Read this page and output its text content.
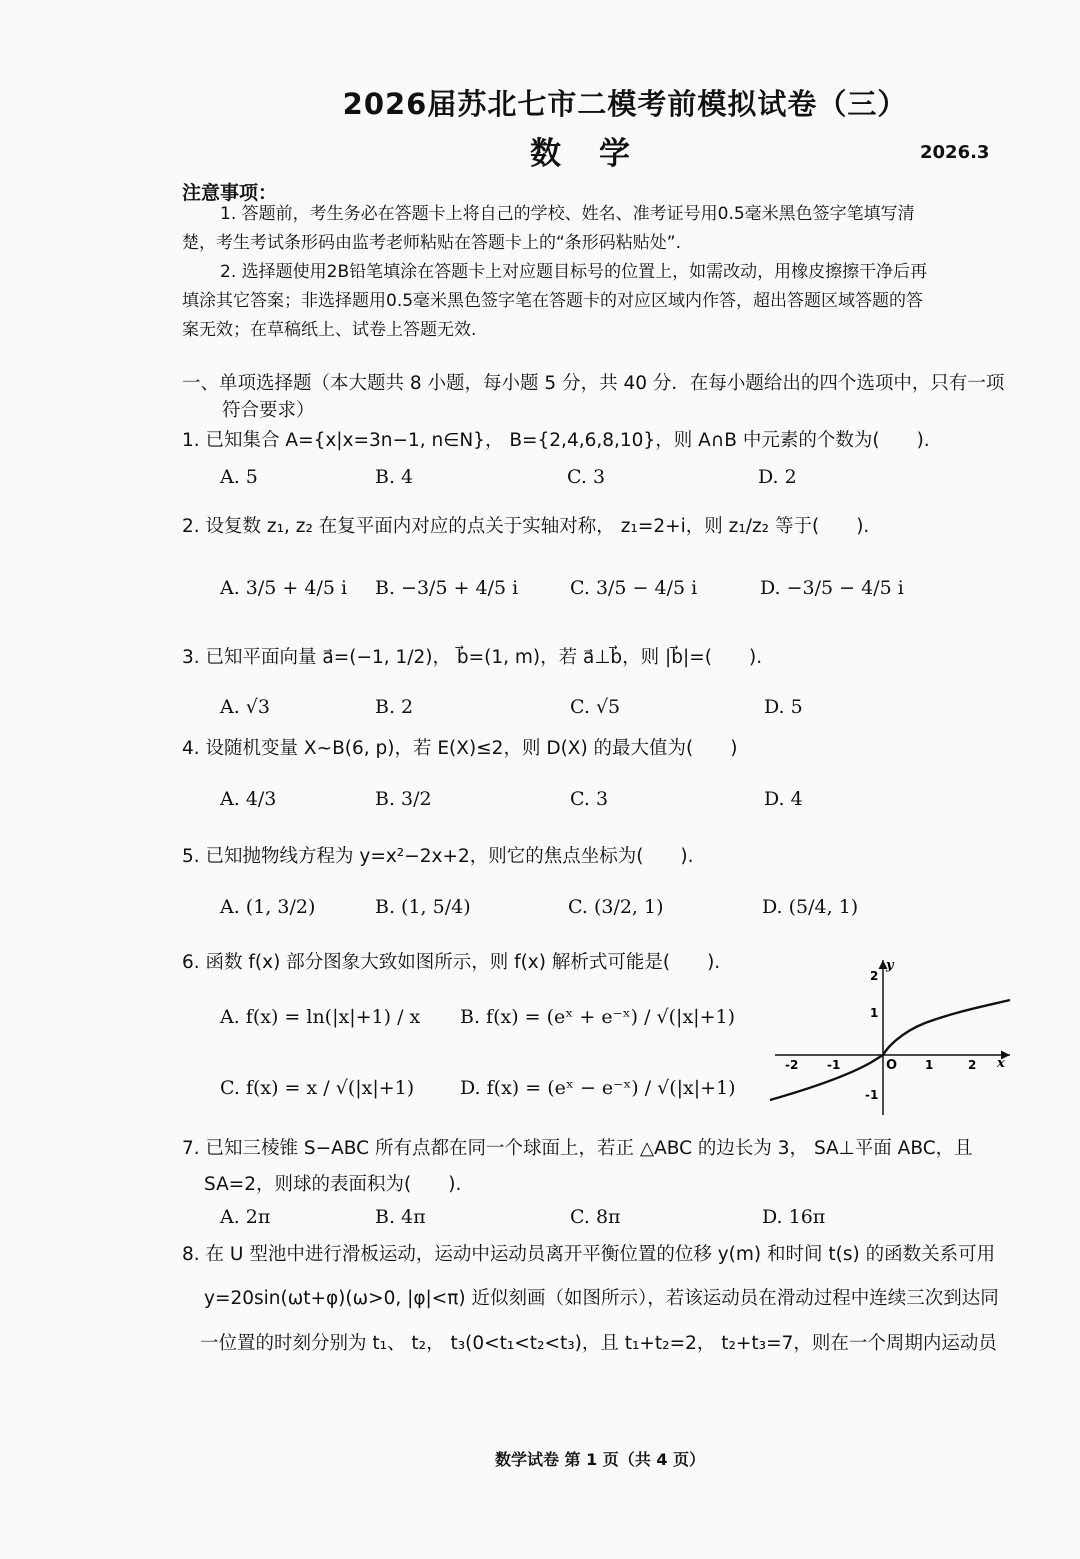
2026届苏北七市二模考前模拟试卷（三）
数学	2026.3
注意事项：
1. 答题前，考生务必在答题卡上将自己的学校、姓名、准考证号用0.5毫米黑色签字笔填写清
楚，考生考试条形码由监考老师粘贴在答题卡上的“条形码粘贴处”.
2. 选择题使用2B铅笔填涂在答题卡上对应题目标号的位置上，如需改动，用橡皮擦擦干净后再
填涂其它答案；非选择题用0.5毫米黑色签字笔在答题卡的对应区域内作答，超出答题区域答题的答
案无效；在草稿纸上、试卷上答题无效.
一、单项选择题（本大题共 8 小题，每小题 5 分，共 40 分．在每小题给出的四个选项中，只有一项
符合要求）
1. 已知集合 A={x|x=3n−1, n∈N}， B={2,4,6,8,10}，则 A∩B 中元素的个数为(　　).
A. 5	B. 4	C. 3	D. 2
2. 设复数 z₁, z₂ 在复平面内对应的点关于实轴对称， z₁=2+i，则 z₁/z₂ 等于(　　).
A. 3/5 + 4/5 i B. −3/5 + 4/5 i	C. 3/5 − 4/5 i	D. −3/5 − 4/5 i
3. 已知平面向量 a⃗=(−1, 1/2)， b⃗=(1, m)，若 a⃗⊥b⃗，则 |b⃗|=(　　).
A. √3	B. 2	C. √5	D. 5
4. 设随机变量 X~B(6, p)，若 E(X)≤2，则 D(X) 的最大值为(　　)
A. 4/3	B. 3/2	C. 3	D. 4
5. 已知抛物线方程为 y=x²−2x+2，则它的焦点坐标为(　　).
A. (1, 3/2)	B. (1, 5/4)	C. (3/2, 1)	D. (5/4, 1)
6. 函数 f(x) 部分图象大致如图所示，则 f(x) 解析式可能是(　　).
A. f(x) = ln(|x|+1) / x B. f(x) = (eˣ + e⁻ˣ) / √(|x|+1)
C. f(x) = x / √(|x|+1) D. f(x) = (eˣ − e⁻ˣ) / √(|x|+1)
y
x
O
-2 -1	1	2
2
1
-1
7. 已知三棱锥 S−ABC 所有点都在同一个球面上，若正 △ABC 的边长为 3， SA⊥平面 ABC，且
SA=2，则球的表面积为(　　).
A. 2π	B. 4π	C. 8π	D. 16π
8. 在 U 型池中进行滑板运动，运动中运动员离开平衡位置的位移 y(m) 和时间 t(s) 的函数关系可用
y=20sin(ωt+φ)(ω>0, |φ|<π) 近似刻画（如图所示），若该运动员在滑动过程中连续三次到达同
一位置的时刻分别为 t₁、 t₂， t₃(0<t₁<t₂<t₃)，且 t₁+t₂=2， t₂+t₃=7，则在一个周期内运动员
数学试卷 第 1 页（共 4 页）
